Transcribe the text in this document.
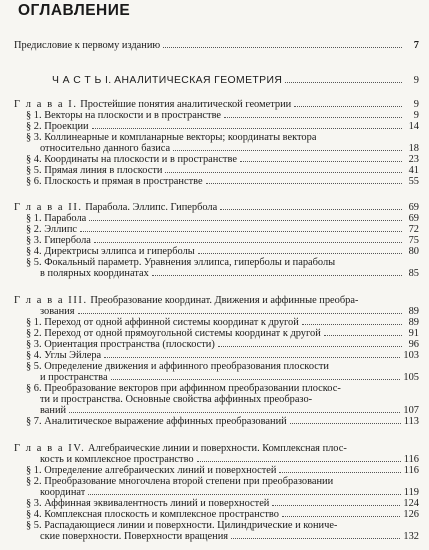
ОГЛАВЛЕНИЕ
Предисловие к первому изданию	7
Ч А С Т Ь I. АНАЛИТИЧЕСКАЯ ГЕОМЕТРИЯ	9
Г л а в а I. Простейшие понятия аналитической геометрии	9
§ 1. Векторы на плоскости и в пространстве	9
§ 2. Проекции	14
§ 3. Коллинеарные и компланарные векторы; координаты вектора
относительно данного базиса	18
§ 4. Координаты на плоскости и в пространстве	23
§ 5. Прямая линия в плоскости	41
§ 6. Плоскость и прямая в пространстве	55
Г л а в а II. Парабола. Эллипс. Гипербола	69
§ 1. Парабола	69
§ 2. Эллипс	72
§ 3. Гипербола	75
§ 4. Директрисы эллипса и гиперболы	80
§ 5. Фокальный параметр. Уравнения эллипса, гиперболы и параболы
в полярных координатах	85
Г л а в а III. Преобразование координат. Движения и аффинные преобра-
зования	89
§ 1. Переход от одной аффинной системы координат к другой	89
§ 2. Переход от одной прямоугольной системы координат к другой	91
§ 3. Ориентация пространства (плоскости)	96
§ 4. Углы Эйлера	103
§ 5. Определение движения и аффинного преобразования плоскости
и пространства	105
§ 6. Преобразование векторов при аффинном преобразовании плоскос-
ти и пространства. Основные свойства аффинных преобразо-
ваний	107
§ 7. Аналитическое выражение аффинных преобразований	113
Г л а в а IV. Алгебраические линии и поверхности. Комплексная плос-
кость и комплексное пространство	116
§ 1. Определение алгебраических линий и поверхностей	116
§ 2. Преобразование многочлена второй степени при преобразовании
координат	119
§ 3. Аффинная эквивалентность линий и поверхностей	124
§ 4. Комплексная плоскость и комплексное пространство	126
§ 5. Распадающиеся линии и поверхности. Цилиндрические и кониче-
ские поверхности. Поверхности вращения	132
